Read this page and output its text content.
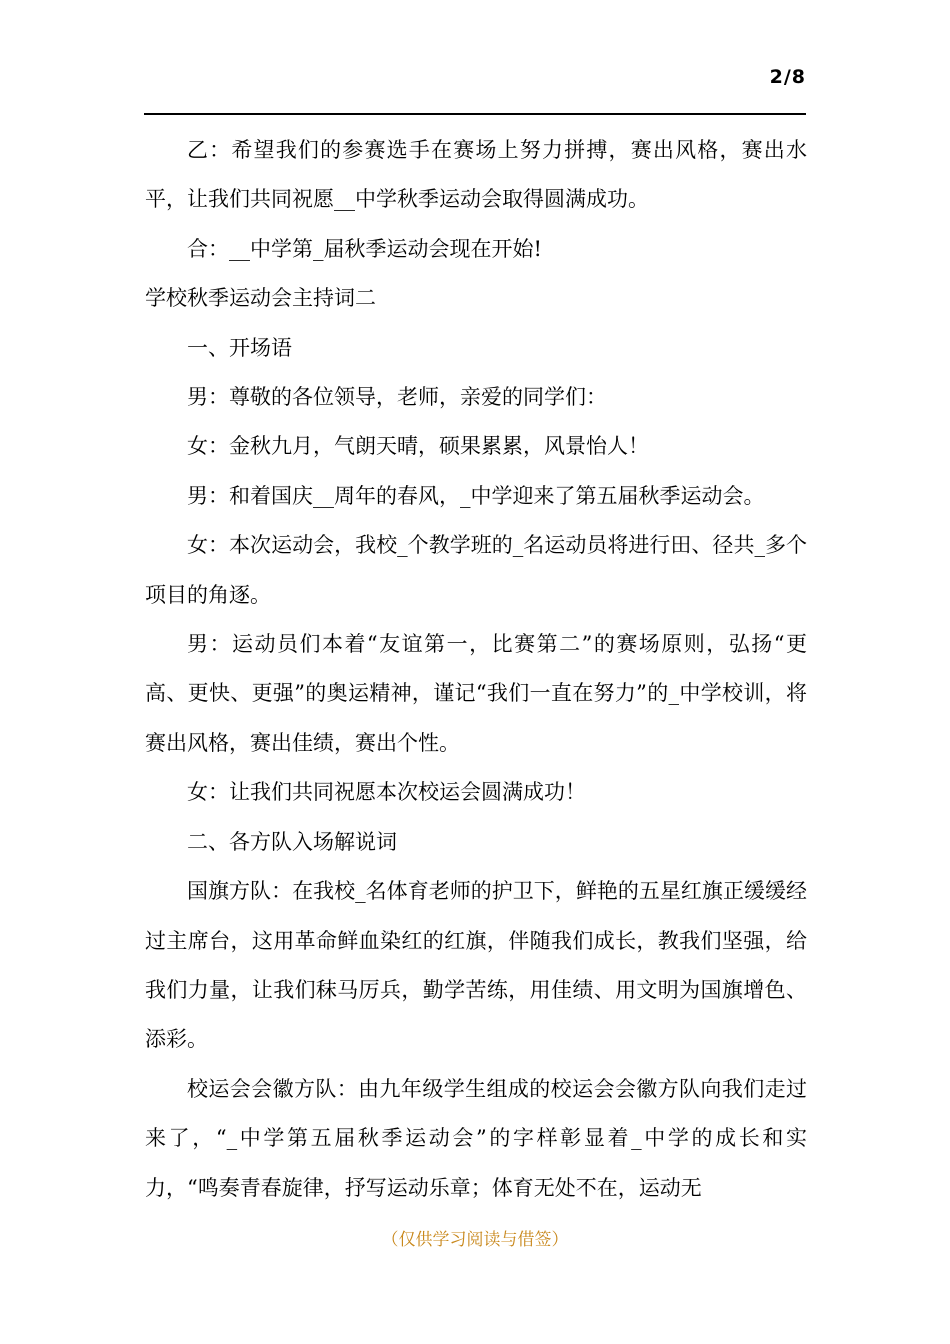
2/8

乙：希望我们的参赛选手在赛场上努力拼搏，赛出风格，赛出水平，让我们共同祝愿__中学秋季运动会取得圆满成功。

合：__中学第_届秋季运动会现在开始!

学校秋季运动会主持词二

一、开场语

男：尊敬的各位领导，老师，亲爱的同学们：

女：金秋九月，气朗天晴，硕果累累，风景怡人！

男：和着国庆__周年的春风，_中学迎来了第五届秋季运动会。

女：本次运动会，我校_个教学班的_名运动员将进行田、径共_多个项目的角逐。

男：运动员们本着“友谊第一，比赛第二”的赛场原则，弘扬“更高、更快、更强”的奥运精神，谨记“我们一直在努力”的_中学校训，将赛出风格，赛出佳绩，赛出个性。

女：让我们共同祝愿本次校运会圆满成功！

二、各方队入场解说词

国旗方队：在我校_名体育老师的护卫下，鲜艳的五星红旗正缓缓经过主席台，这用革命鲜血染红的红旗，伴随我们成长，教我们坚强，给我们力量，让我们秣马厉兵，勤学苦练，用佳绩、用文明为国旗增色、添彩。

校运会会徽方队：由九年级学生组成的校运会会徽方队向我们走过来了，“_中学第五届秋季运动会”的字样彰显着_中学的成长和实力，“鸣奏青春旋律，抒写运动乐章；体育无处不在，运动无

（仅供学习阅读与借签）
